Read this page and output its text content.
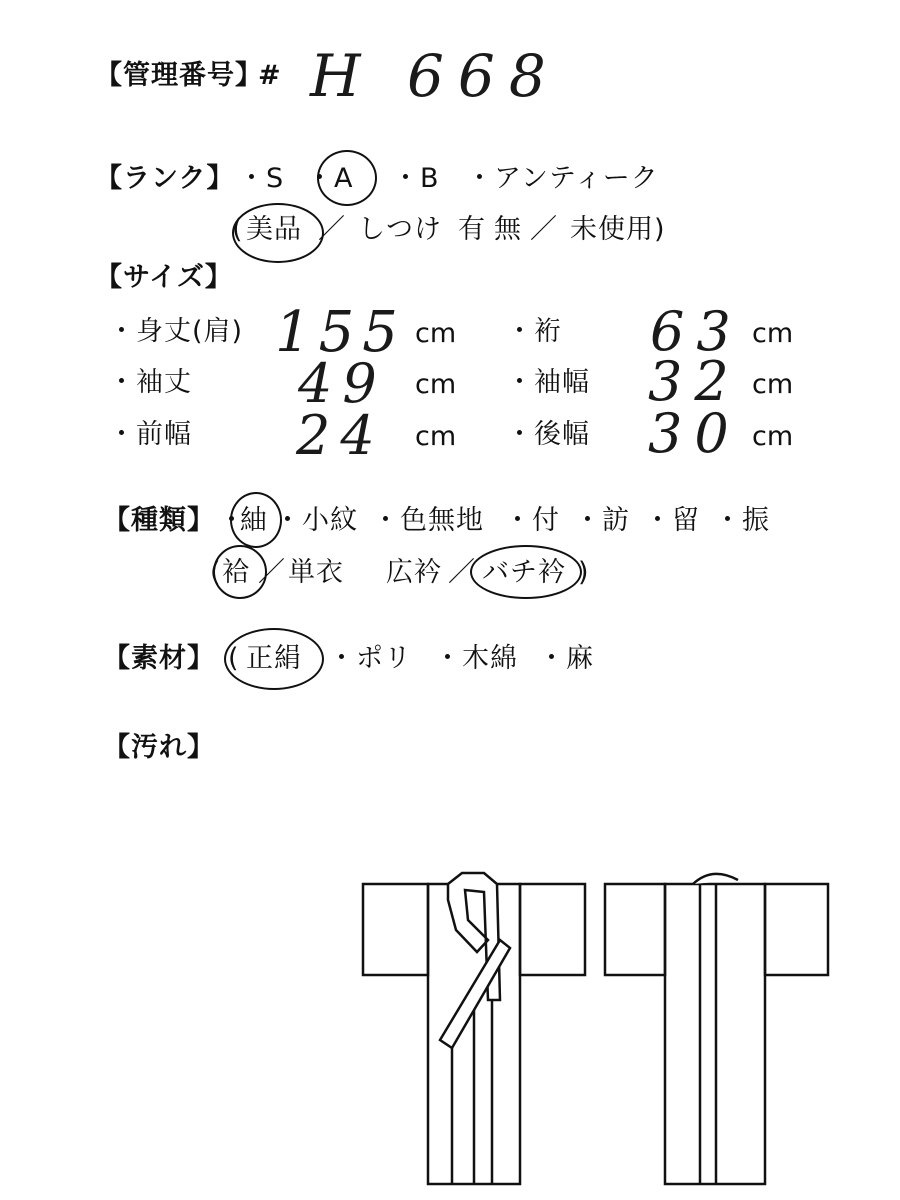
【管理番号】
# H 668
【ランク】 ・S ・ A ・B ・アンティーク
( 美品 ／ しつけ 有 無 ／ 未使用)
【サイズ】
・身丈(肩) 155 cm ・裄 63 cm
・袖丈 49 cm ・袖幅 32 cm
・前幅 24 cm ・後幅 30 cm
【種類】 ・
紬 ・小紋 ・色無地 ・付 ・訪 ・留 ・振
( 袷 ／ 単衣 広衿 ／ バチ衿 )
【素材】 ( 正絹 ・ポリ ・木綿 ・麻
【汚れ】
